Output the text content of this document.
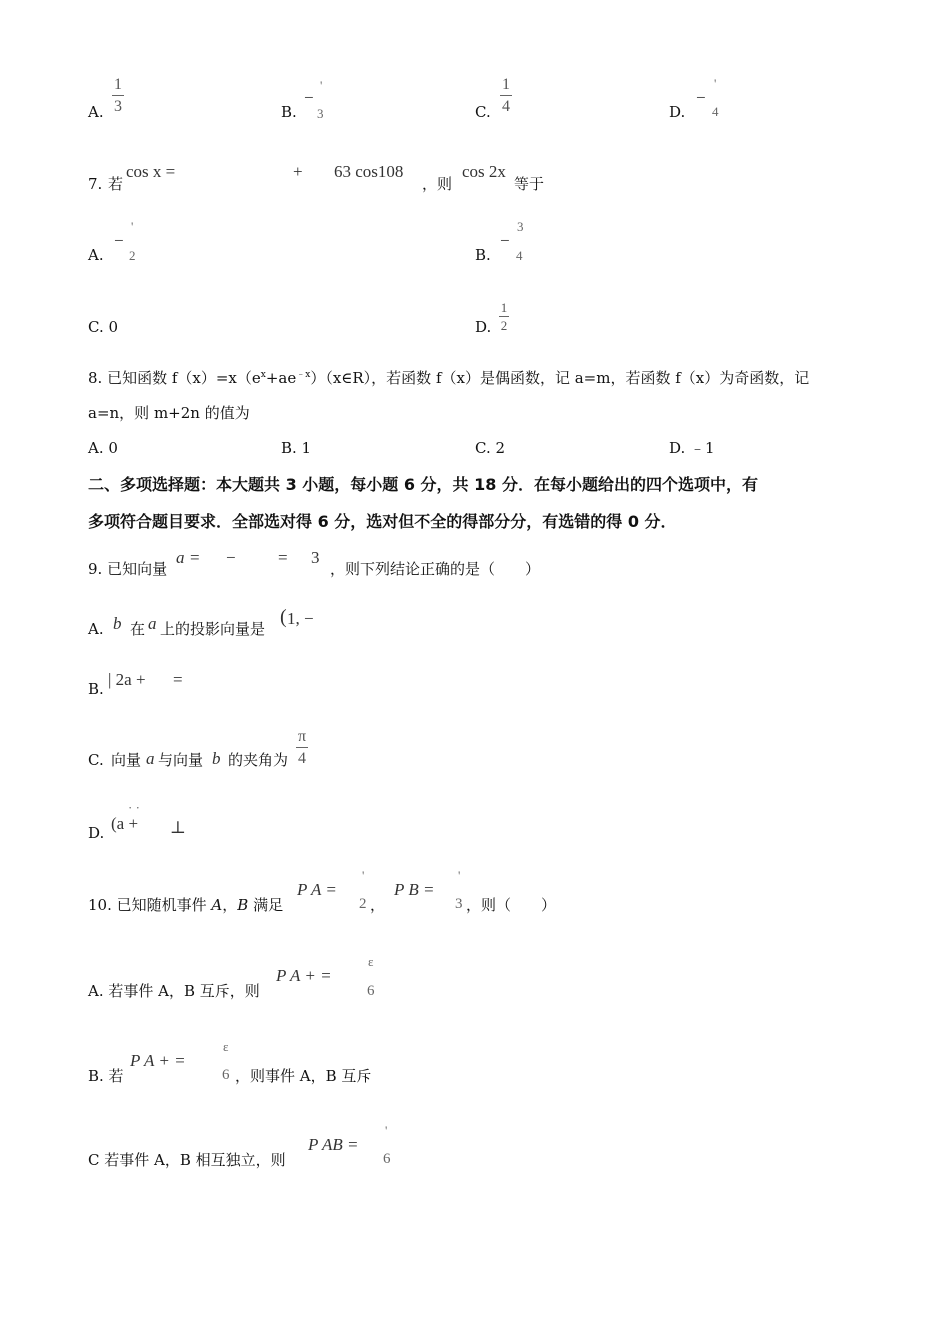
A.
1
3	B.
−
'
3	C.
1
4	D.
−
'
4
7. 若
cos x =	+ 63 cos108
，则
cos 2x
等于
A.
−
'
2	B.
−
3
4
C. 0	D.
1
2
8. 已知函数 $f(x)=x(e^x+ae^{﹣x})(x\in R)$，若函数 f（x）是偶函数，记 a=m，若函数 f（x）为奇函数，记
a=n，则 m+2n 的值为
A. 0	B. 1	C. 2	D. ﹣1
二、多项选择题：本大题共 3 小题，每小题 6 分，共 18 分．在每小题给出的四个选项中，有
多项符合题目要求．全部选对得 6 分，选对但不全的得部分分，有选错的得 0 分．
9. 已知向量
a = − = 3
，则下列结论正确的是（　　）
A. b 在 a 上的投影向量是
( 1, −
B. | 2a + =
C. 向量 a 与向量 b 的夹角为
π
4
D.
· ·
(a + ⊥
10. 已知随机事件 A，B 满足
P A =
'
2 ，
P B =
'
3 ，则（　　）
A. 若事件 A，B 互斥，则
P A + =
ε
6
B. 若
P A + =
ε
6 ，则事件 A，B 互斥
C 若事件 A，B 相互独立，则
P AB =
'
6
